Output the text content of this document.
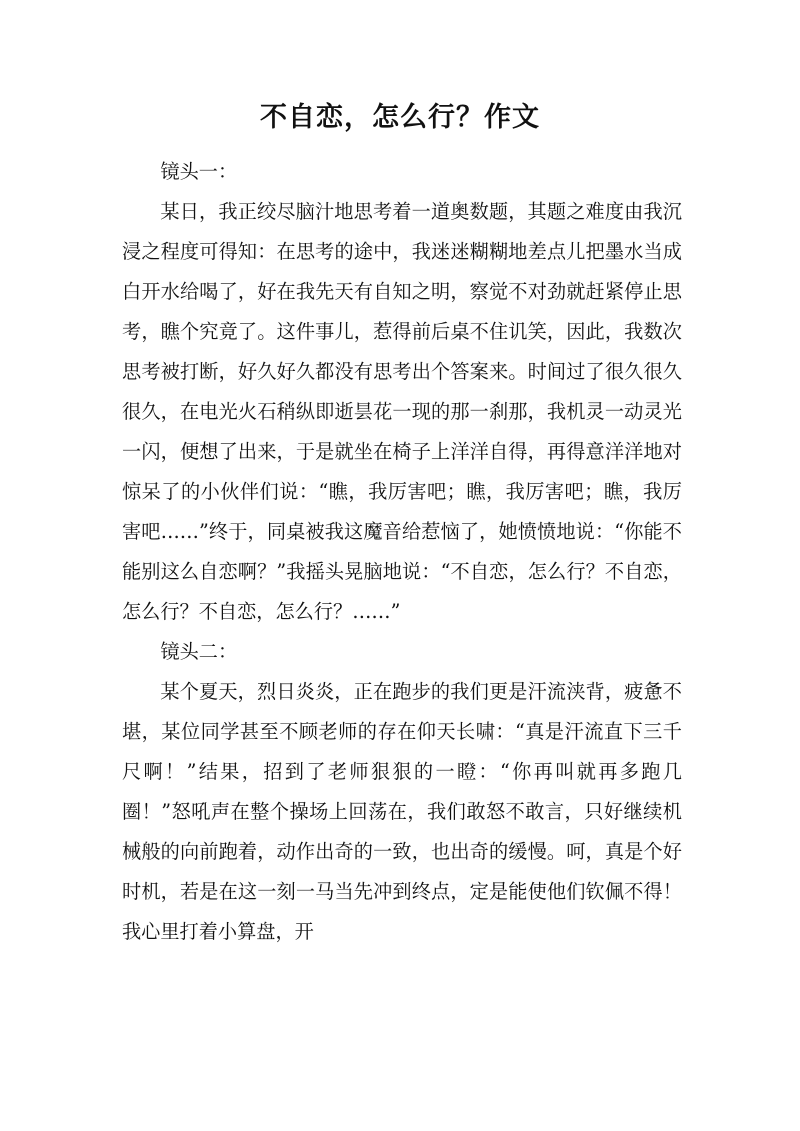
不自恋，怎么行？作文

镜头一：

某日，我正绞尽脑汁地思考着一道奥数题，其题之难度由我沉浸之程度可得知：在思考的途中，我迷迷糊糊地差点儿把墨水当成白开水给喝了，好在我先天有自知之明，察觉不对劲就赶紧停止思考，瞧个究竟了。这件事儿，惹得前后桌不住讥笑，因此，我数次思考被打断，好久好久都没有思考出个答案来。时间过了很久很久很久，在电光火石稍纵即逝昙花一现的那一刹那，我机灵一动灵光一闪，便想了出来，于是就坐在椅子上洋洋自得，再得意洋洋地对惊呆了的小伙伴们说：“瞧，我厉害吧；瞧，我厉害吧；瞧，我厉害吧……”终于，同桌被我这魔音给惹恼了，她愤愤地说：“你能不能别这么自恋啊？”我摇头晃脑地说：“不自恋，怎么行？不自恋，怎么行？不自恋，怎么行？……”

镜头二：

某个夏天，烈日炎炎，正在跑步的我们更是汗流浃背，疲惫不堪，某位同学甚至不顾老师的存在仰天长啸：“真是汗流直下三千尺啊！”结果，招到了老师狠狠的一瞪：“你再叫就再多跑几圈！”怒吼声在整个操场上回荡在，我们敢怒不敢言，只好继续机械般的向前跑着，动作出奇的一致，也出奇的缓慢。呵，真是个好时机，若是在这一刻一马当先冲到终点，定是能使他们钦佩不得！我心里打着小算盘，开
